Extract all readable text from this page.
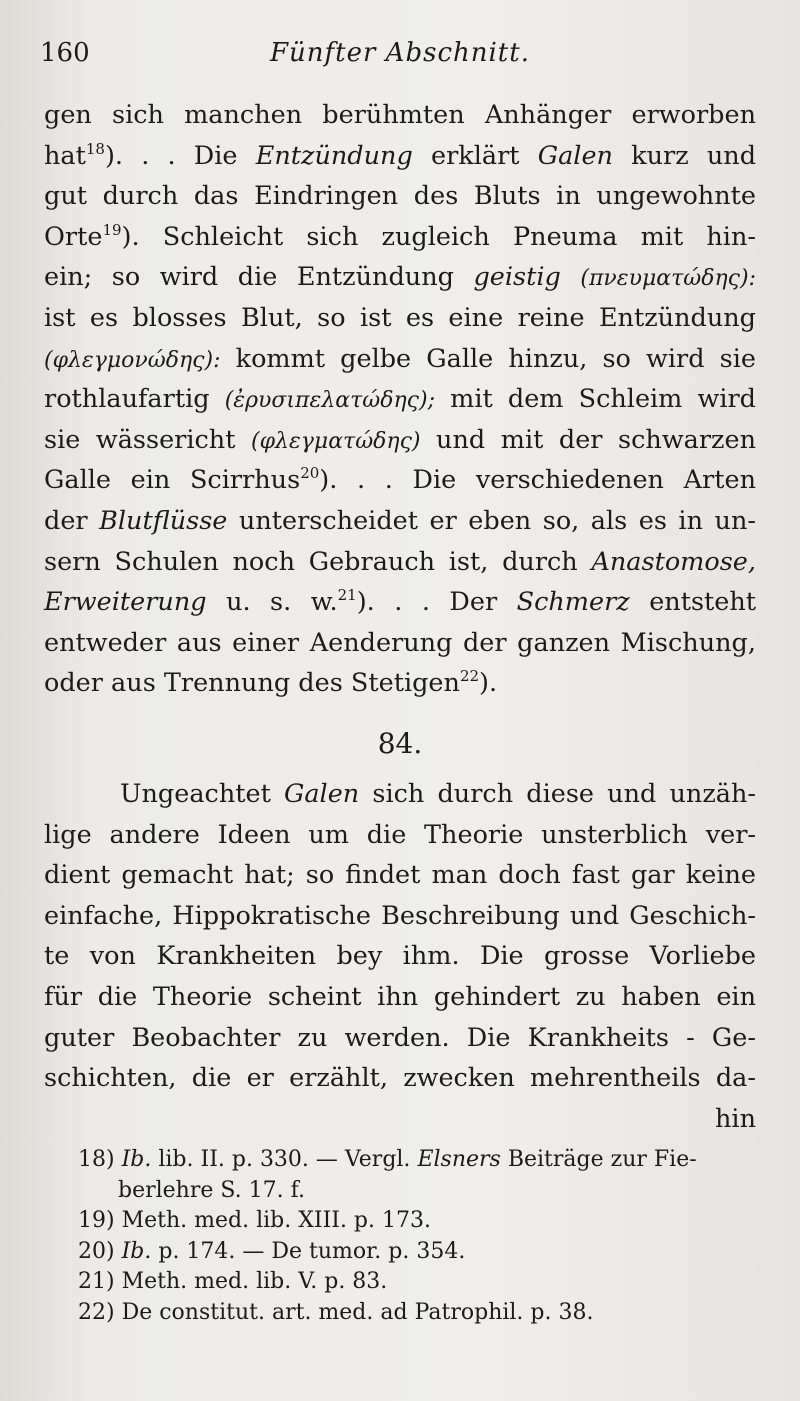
160	Fünfter Abschnitt.
gen sich manchen berühmten Anhänger erworben
hat$^{18}$). . . Die Entzündung erklärt Galen kurz und
gut durch das Eindringen des Bluts in ungewohnte
Orte$^{19}$). Schleicht sich zugleich Pneuma mit hin-
ein; so wird die Entzündung geistig (πνευματώδης):
ist es blosses Blut, so ist es eine reine Entzündung
(φλεγμονώδης): kommt gelbe Galle hinzu, so wird sie
rothlaufartig (ἐρυσιπελατώδης); mit dem Schleim wird
sie wässericht (φλεγματώδης) und mit der schwarzen
Galle ein Scirrhus$^{20}$). . . Die verschiedenen Arten
der Blutflüsse unterscheidet er eben so, als es in un-
sern Schulen noch Gebrauch ist, durch Anastomose,
Erweiterung u. s. w.$^{21}$). . . Der Schmerz entsteht
entweder aus einer Aenderung der ganzen Mischung,
oder aus Trennung des Stetigen$^{22}$).
84.
Ungeachtet Galen sich durch diese und unzäh-
lige andere Ideen um die Theorie unsterblich ver-
dient gemacht hat; so findet man doch fast gar keine
einfache, Hippokratische Beschreibung und Geschich-
te von Krankheiten bey ihm. Die grosse Vorliebe
für die Theorie scheint ihn gehindert zu haben ein
guter Beobachter zu werden. Die Krankheits - Ge-
schichten, die er erzählt, zwecken mehrentheils da-
hin
18) Ib. lib. II. p. 330. — Vergl. Elsners Beiträge zur Fie-
berlehre S. 17. f.
19) Meth. med. lib. XIII. p. 173.
20) Ib. p. 174. — De tumor. p. 354.
21) Meth. med. lib. V. p. 83.
22) De constitut. art. med. ad Patrophil. p. 38.
